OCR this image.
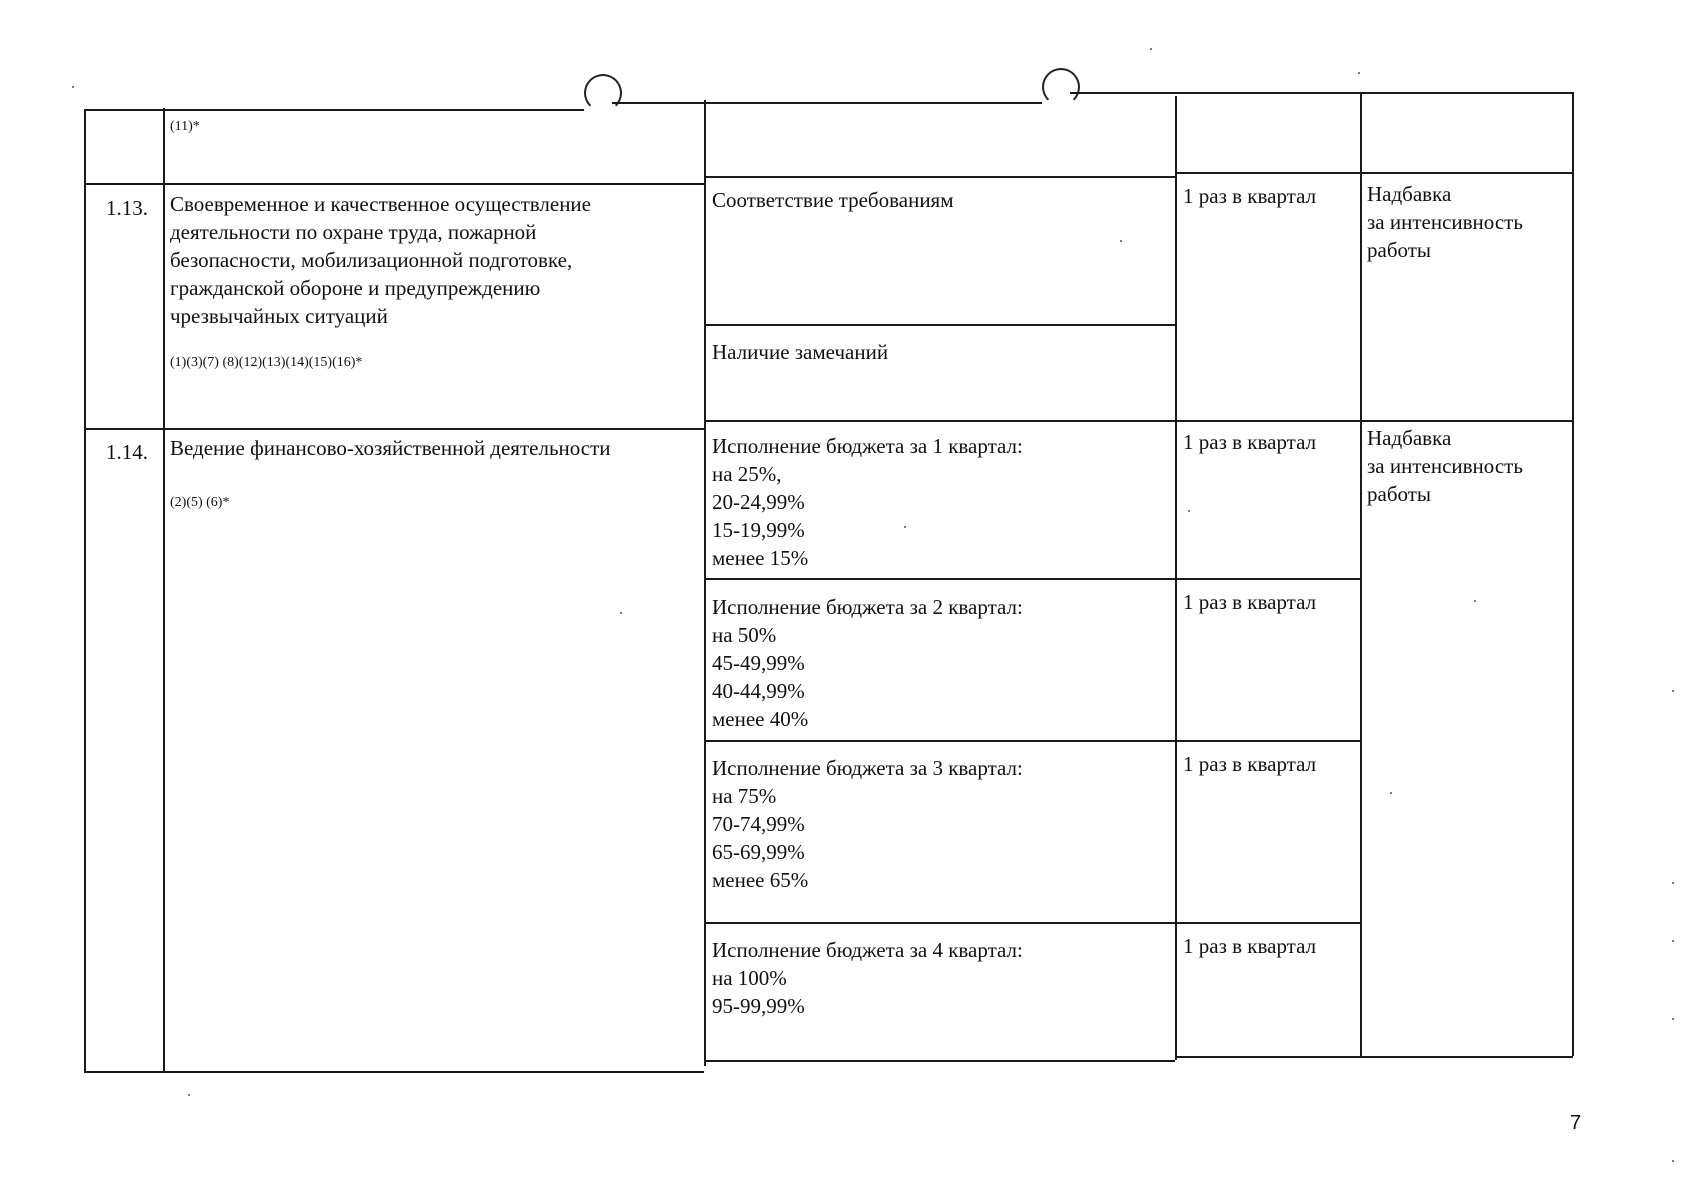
(11)*
1.13. Своевременное и качественное осуществление
деятельности по охране труда, пожарной
безопасности, мобилизационной подготовке,
гражданской обороне и предупреждению
чрезвычайных ситуаций
(1)(3)(7) (8)(12)(13)(14)(15)(16)*
Соответствие требованиям
Наличие замечаний
1 раз в квартал	Надбавка
за интенсивность
работы
1.14. Ведение финансово-хозяйственной деятельности
(2)(5) (6)*
Исполнение бюджета за 1 квартал:
на 25%,
20-24,99%
15-19,99%
менее 15%
Исполнение бюджета за 2 квартал:
на 50%
45-49,99%
40-44,99%
менее 40%
Исполнение бюджета за 3 квартал:
на 75%
70-74,99%
65-69,99%
менее 65%
Исполнение бюджета за 4 квартал:
на 100%
95-99,99%
1 раз в квартал
1 раз в квартал
1 раз в квартал
1 раз в квартал
Надбавка
за интенсивность
работы
7
